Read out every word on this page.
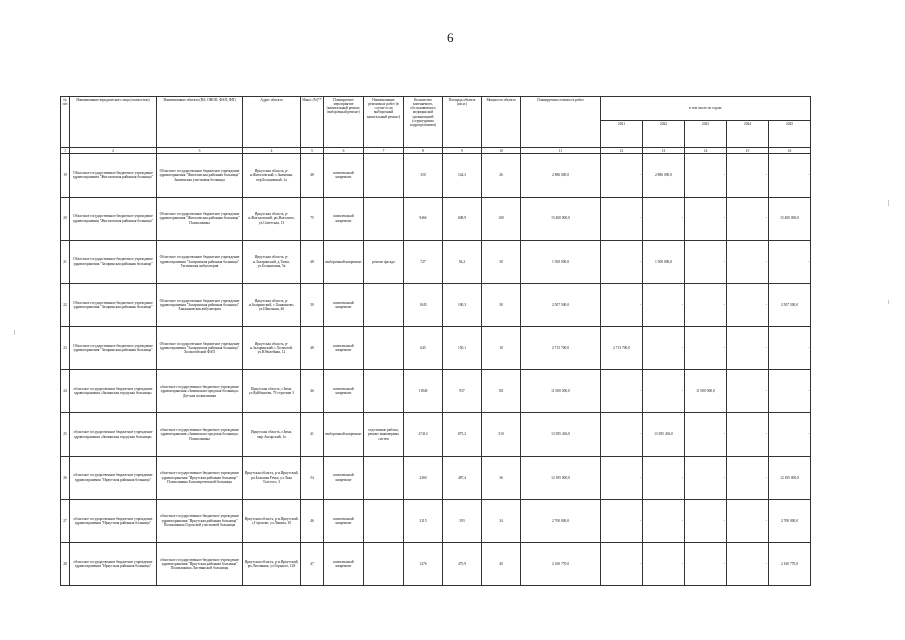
6
№ п/п	Наименование юридического лица (полностью)	Наименование объекта (ВА, ОВОП, ФАП, ФП)	Адрес объекта	Износ (%)**	Планируемое мероприятие (капитальный ремонт, выборочный ремонт)	Наименование ремонтных работ (в случае если выборочный капитальный ремонт)	Количество заменяемого, обслуживаемого медицинской организацией (структурным подразделением)	Площадь объекта (кв.м.)	Мощность объекта	Планируемая стоимость работ	в том числе по годам:				
											2021	2022	2023	2024	2025
1	2	3	4	5	6	7	8	9	10	11	12	13	14	15	16
19	Областное государственное бюджетное учреждение здравоохранения "Жигаловская районная больница"	Областное государственное бюджетное учреждение здравоохранения "Жигаловская районная больница" Знаменская участковая больница	Иркутская область, р-н.Жигаловский, с.Знаменка, пер.Больничный, 1а	48	комплексный капремонт		350	144,3	26	2 886 000,0	-	2 886 000,0	-	-	-
20	Областное государственное бюджетное учреждение здравоохранения "Жигаловская районная больница"	Областное государственное бюджетное учреждение здравоохранения "Жигаловская районная больница" Поликлиника	Иркутская область, р-н.Жигаловский, рп.Жигалово, ул.Советская, 13	75	комплексный капремонт		9466	608,9	100	15 400 000,0	-	-	-	-	15 400 000,0
21	Областное государственное бюджетное учреждение здравоохранения "Заларинская районная больница"	Областное государственное бюджетное учреждение здравоохранения "Заларинская районная больница" Тагнинская амбулатория	Иркутская область, р-н.Заларинский, д.Тагна, ул.Больничная, 5а	48	выборочный капремонт	ремонт фасада	727	94,2	30	1 500 000,0	-	1 500 000,0	-	-	-
22	Областное государственное бюджетное учреждение здравоохранения "Заларинская районная больница"	Областное государственное бюджетное учреждение здравоохранения "Заларинская районная больница" Ханжиновская амбулатория	Иркутская область, р-н.Заларинский, с.Ханжиново, ул.Школьная, 46	50	комплексный капремонт		1045	100,3	30	2 507 500,0	-	-	-	-	2 507 500,0
23	Областное государственное бюджетное учреждение здравоохранения "Заларинская районная больница"	Областное государственное бюджетное учреждение здравоохранения "Заларинская районная больница" Холмогойский ФАП	Иркутская область, р-н.Заларинский, с.Холмогой, ул.Юбилейная, 12	48	комплексный капремонт		645	150,1	10	2 713 700,0	2 713 700,0	-	-	-	-
24	областное государственное бюджетное учреждение здравоохранения «Зиминская городская больница»	областное государственное бюджетное учреждение здравоохранения «Зиминская городская больница» Детская поликлиника	Иркутская область, г.Зима, ул.Куйбышева, 79 строение 3	46	комплексный капремонт		11840	937	101	11 000 000,0	-	-	11 000 000,0	-	-
25	областное государственное бюджетное учреждение здравоохранения «Зиминская городская больница»	областное государственное бюджетное учреждение здравоохранения «Зиминская городская больница» Поликлиника	Иркутская область, г.Зима, мкр.Ангарский, 1а	41	выборочный капремонт	отделочные работы, ремонт инженерных систем	27414	875,2	310	13 385 436,0	-	13 385 436,0	-	-	-
26	областное государственное бюджетное учреждение здравоохранения "Иркутская районная больница"	областное государственное бюджетное учреждение здравоохранения "Иркутская районная больница" Поликлиника Большереченской больницы	Иркутская область, р-н.Иркутский, рп.Большая Речка, ул.Льва Толстого, 3	54	комплексный капремонт		2260	487,4	36	12 185 000,0	-	-	-	-	12 185 000,0
27	областное государственное бюджетное учреждение здравоохранения "Иркутская районная больница"	областное государственное бюджетное учреждение здравоохранения "Иркутская районная больница" Поликлиника Горохской участковой больницы	Иркутская область, р-н.Иркутский, с.Горохово, ул.Ленина, 10	46	комплексный капремонт		2115	393	34	2 700 000,0	-	-	-	-	2 700 000,0
28	областное государственное бюджетное учреждение здравоохранения "Иркутская районная больница"	областное государственное бюджетное учреждение здравоохранения "Иркутская районная больница" Поликлиника Листвянской больницы	Иркутская область, р-н.Иркутский, рп.Листвянка, ул.Горького, 128	47	комплексный капремонт		1276	475,9	40	2 160 770,0	-	-	-	-	2 160 770,0
